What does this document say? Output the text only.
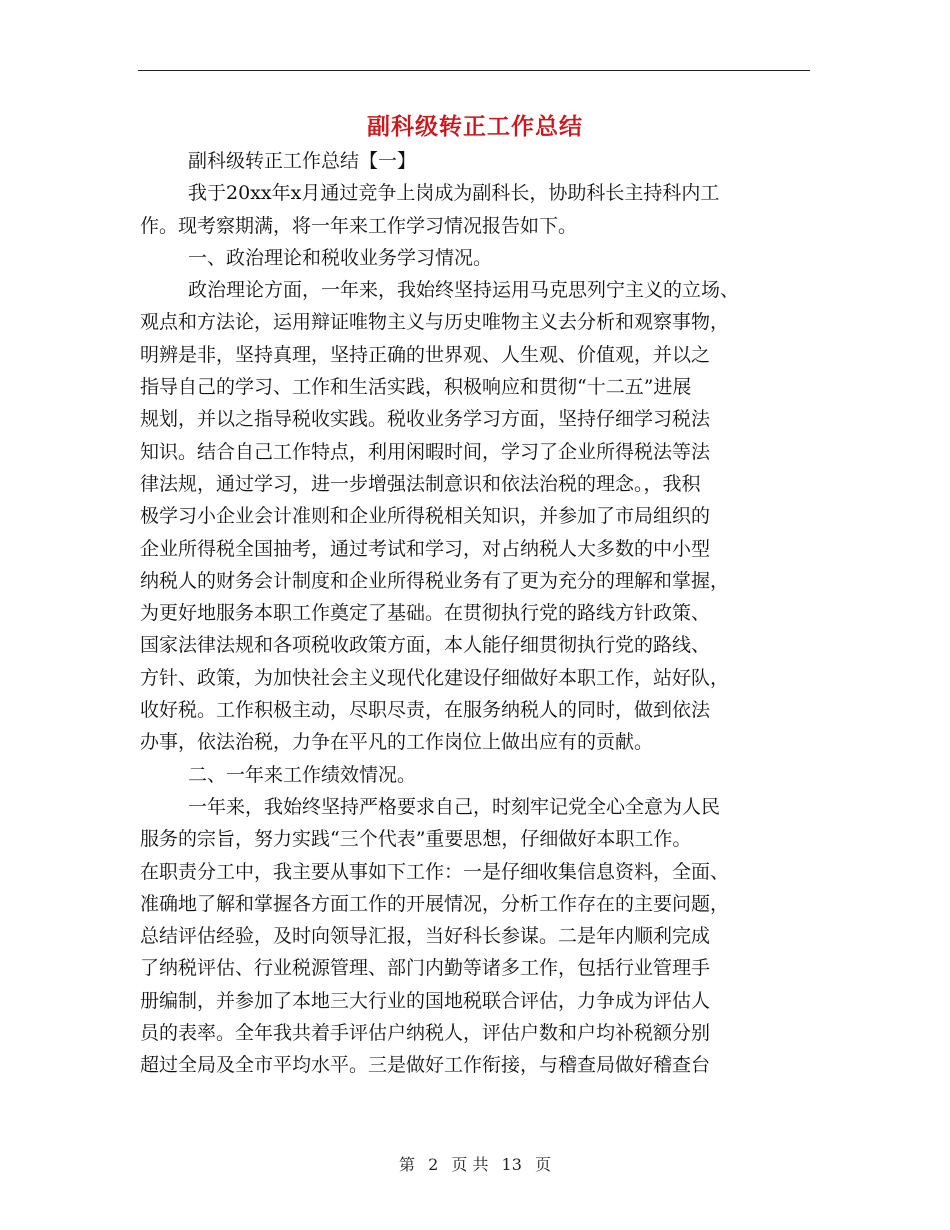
副科级转正工作总结

副科级转正工作总结【一】

我于20xx年x月通过竞争上岗成为副科长，协助科长主持科内工

作。现考察期满，将一年来工作学习情况报告如下。

一、政治理论和税收业务学习情况。

政治理论方面，一年来，我始终坚持运用马克思列宁主义的立场、

观点和方法论，运用辩证唯物主义与历史唯物主义去分析和观察事物，

明辨是非，坚持真理，坚持正确的世界观、人生观、价值观，并以之

指导自己的学习、工作和生活实践，积极响应和贯彻“十二五”进展

规划，并以之指导税收实践。税收业务学习方面，坚持仔细学习税法

知识。结合自己工作特点，利用闲暇时间，学习了企业所得税法等法

律法规，通过学习，进一步增强法制意识和依法治税的理念。，我积

极学习小企业会计准则和企业所得税相关知识，并参加了市局组织的

企业所得税全国抽考，通过考试和学习，对占纳税人大多数的中小型

纳税人的财务会计制度和企业所得税业务有了更为充分的理解和掌握，

为更好地服务本职工作奠定了基础。在贯彻执行党的路线方针政策、

国家法律法规和各项税收政策方面，本人能仔细贯彻执行党的路线、

方针、政策，为加快社会主义现代化建设仔细做好本职工作，站好队，

收好税。工作积极主动，尽职尽责，在服务纳税人的同时，做到依法

办事，依法治税，力争在平凡的工作岗位上做出应有的贡献。

二、一年来工作绩效情况。

一年来，我始终坚持严格要求自己，时刻牢记党全心全意为人民

服务的宗旨，努力实践“三个代表”重要思想，仔细做好本职工作。

在职责分工中，我主要从事如下工作：一是仔细收集信息资料，全面、

准确地了解和掌握各方面工作的开展情况，分析工作存在的主要问题，

总结评估经验，及时向领导汇报，当好科长参谋。二是年内顺利完成

了纳税评估、行业税源管理、部门内勤等诸多工作，包括行业管理手

册编制，并参加了本地三大行业的国地税联合评估，力争成为评估人

员的表率。全年我共着手评估户纳税人，评估户数和户均补税额分别

超过全局及全市平均水平。三是做好工作衔接，与稽查局做好稽查台

第 2 页 共 13 页
